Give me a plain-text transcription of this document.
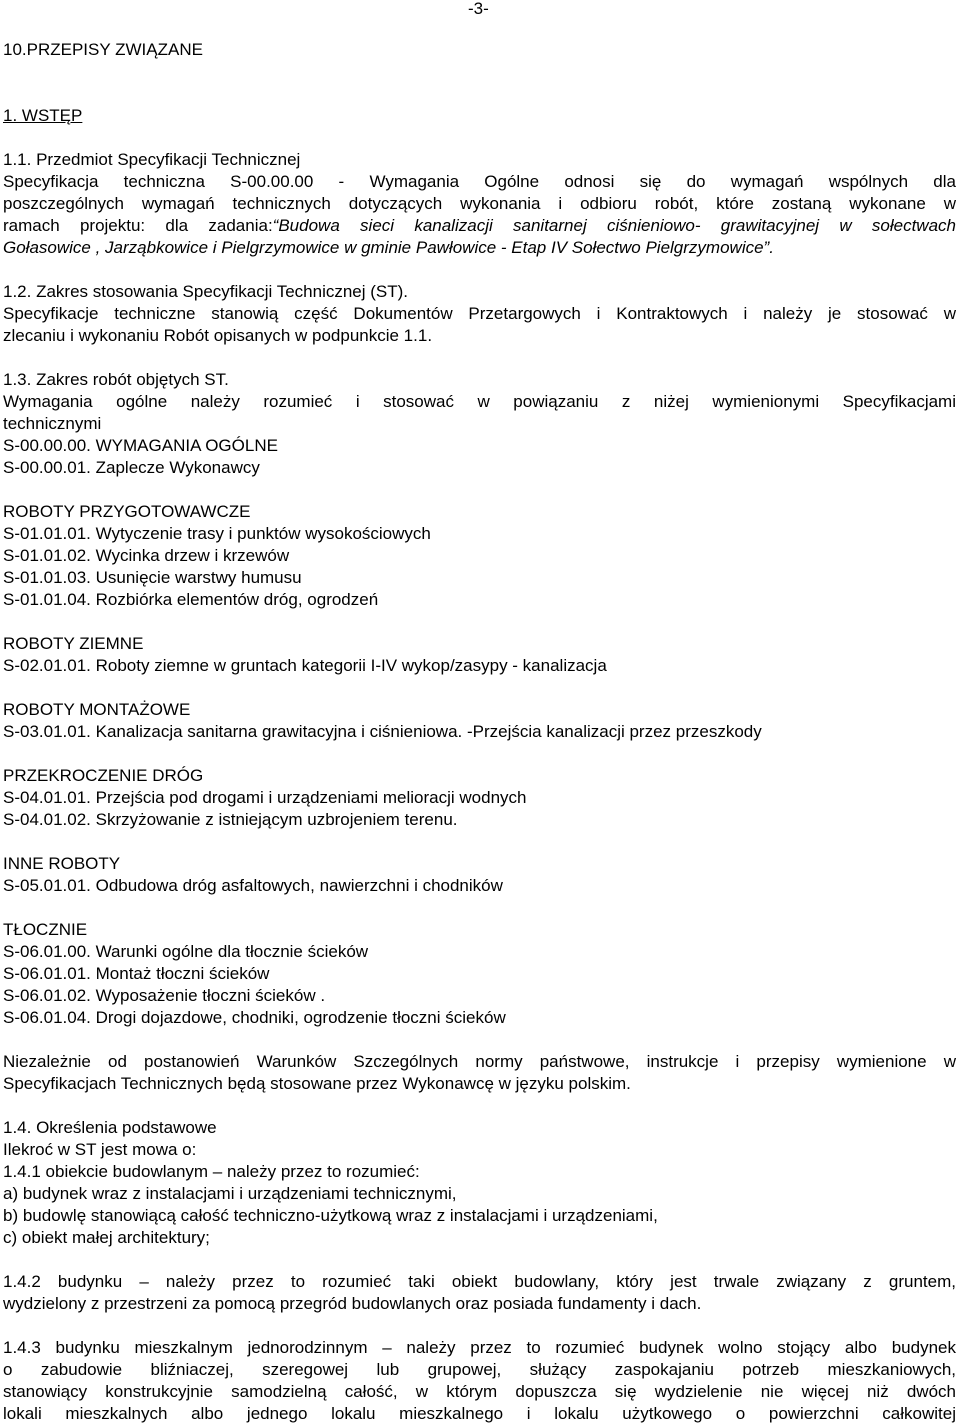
-3-

10.PRZEPISY ZWIĄZANE

1. WSTĘP

1.1. Przedmiot Specyfikacji Technicznej

Specyfikacja techniczna S-00.00.00 - Wymagania Ogólne odnosi się do wymagań wspólnych dla

poszczególnych wymagań technicznych dotyczących wykonania i odbioru robót, które zostaną wykonane w

ramach projektu: dla zadania:“Budowa sieci kanalizacji sanitarnej ciśnieniowo- grawitacyjnej w sołectwach

Gołasowice , Jarząbkowice i Pielgrzymowice w gminie Pawłowice - Etap IV Sołectwo Pielgrzymowice”.

1.2. Zakres stosowania Specyfikacji Technicznej (ST).

Specyfikacje techniczne stanowią część Dokumentów Przetargowych i Kontraktowych i należy je stosować w

zlecaniu i wykonaniu Robót opisanych w podpunkcie 1.1.

1.3. Zakres robót objętych ST.

Wymagania ogólne należy rozumieć i stosować w powiązaniu z niżej wymienionymi Specyfikacjami

technicznymi

S-00.00.00. WYMAGANIA OGÓLNE

S-00.00.01. Zaplecze Wykonawcy

ROBOTY PRZYGOTOWAWCZE

S-01.01.01. Wytyczenie trasy i punktów wysokościowych

S-01.01.02. Wycinka drzew i krzewów

S-01.01.03. Usunięcie warstwy humusu

S-01.01.04. Rozbiórka elementów dróg, ogrodzeń

ROBOTY ZIEMNE

S-02.01.01. Roboty ziemne w gruntach kategorii I-IV wykop/zasypy - kanalizacja

ROBOTY MONTAŻOWE

S-03.01.01. Kanalizacja sanitarna grawitacyjna i ciśnieniowa. -Przejścia kanalizacji przez przeszkody

PRZEKROCZENIE DRÓG

S-04.01.01. Przejścia pod drogami i urządzeniami melioracji wodnych

S-04.01.02. Skrzyżowanie z istniejącym uzbrojeniem terenu.

INNE ROBOTY

S-05.01.01. Odbudowa dróg asfaltowych, nawierzchni i chodników

TŁOCZNIE

S-06.01.00. Warunki ogólne dla tłocznie ścieków

S-06.01.01. Montaż tłoczni ścieków

S-06.01.02. Wyposażenie tłoczni ścieków .

S-06.01.04. Drogi dojazdowe, chodniki, ogrodzenie tłoczni ścieków

Niezależnie od postanowień Warunków Szczególnych normy państwowe, instrukcje i przepisy wymienione w

Specyfikacjach Technicznych będą stosowane przez Wykonawcę w języku polskim.

1.4. Określenia podstawowe

Ilekroć w ST jest mowa o:

1.4.1 obiekcie budowlanym – należy przez to rozumieć:

a) budynek wraz z instalacjami i urządzeniami technicznymi,

b) budowlę stanowiącą całość techniczno-użytkową wraz z instalacjami i urządzeniami,

c) obiekt małej architektury;

1.4.2 budynku – należy przez to rozumieć taki obiekt budowlany, który jest trwale związany z gruntem,

wydzielony z przestrzeni za pomocą przegród budowlanych oraz posiada fundamenty i dach.

1.4.3 budynku mieszkalnym jednorodzinnym – należy przez to rozumieć budynek wolno stojący albo budynek

o zabudowie bliźniaczej, szeregowej lub grupowej, służący zaspokajaniu potrzeb mieszkaniowych,

stanowiący konstrukcyjnie samodzielną całość, w którym dopuszcza się wydzielenie nie więcej niż dwóch

lokali mieszkalnych albo jednego lokalu mieszkalnego i lokalu użytkowego o powierzchni całkowitej
